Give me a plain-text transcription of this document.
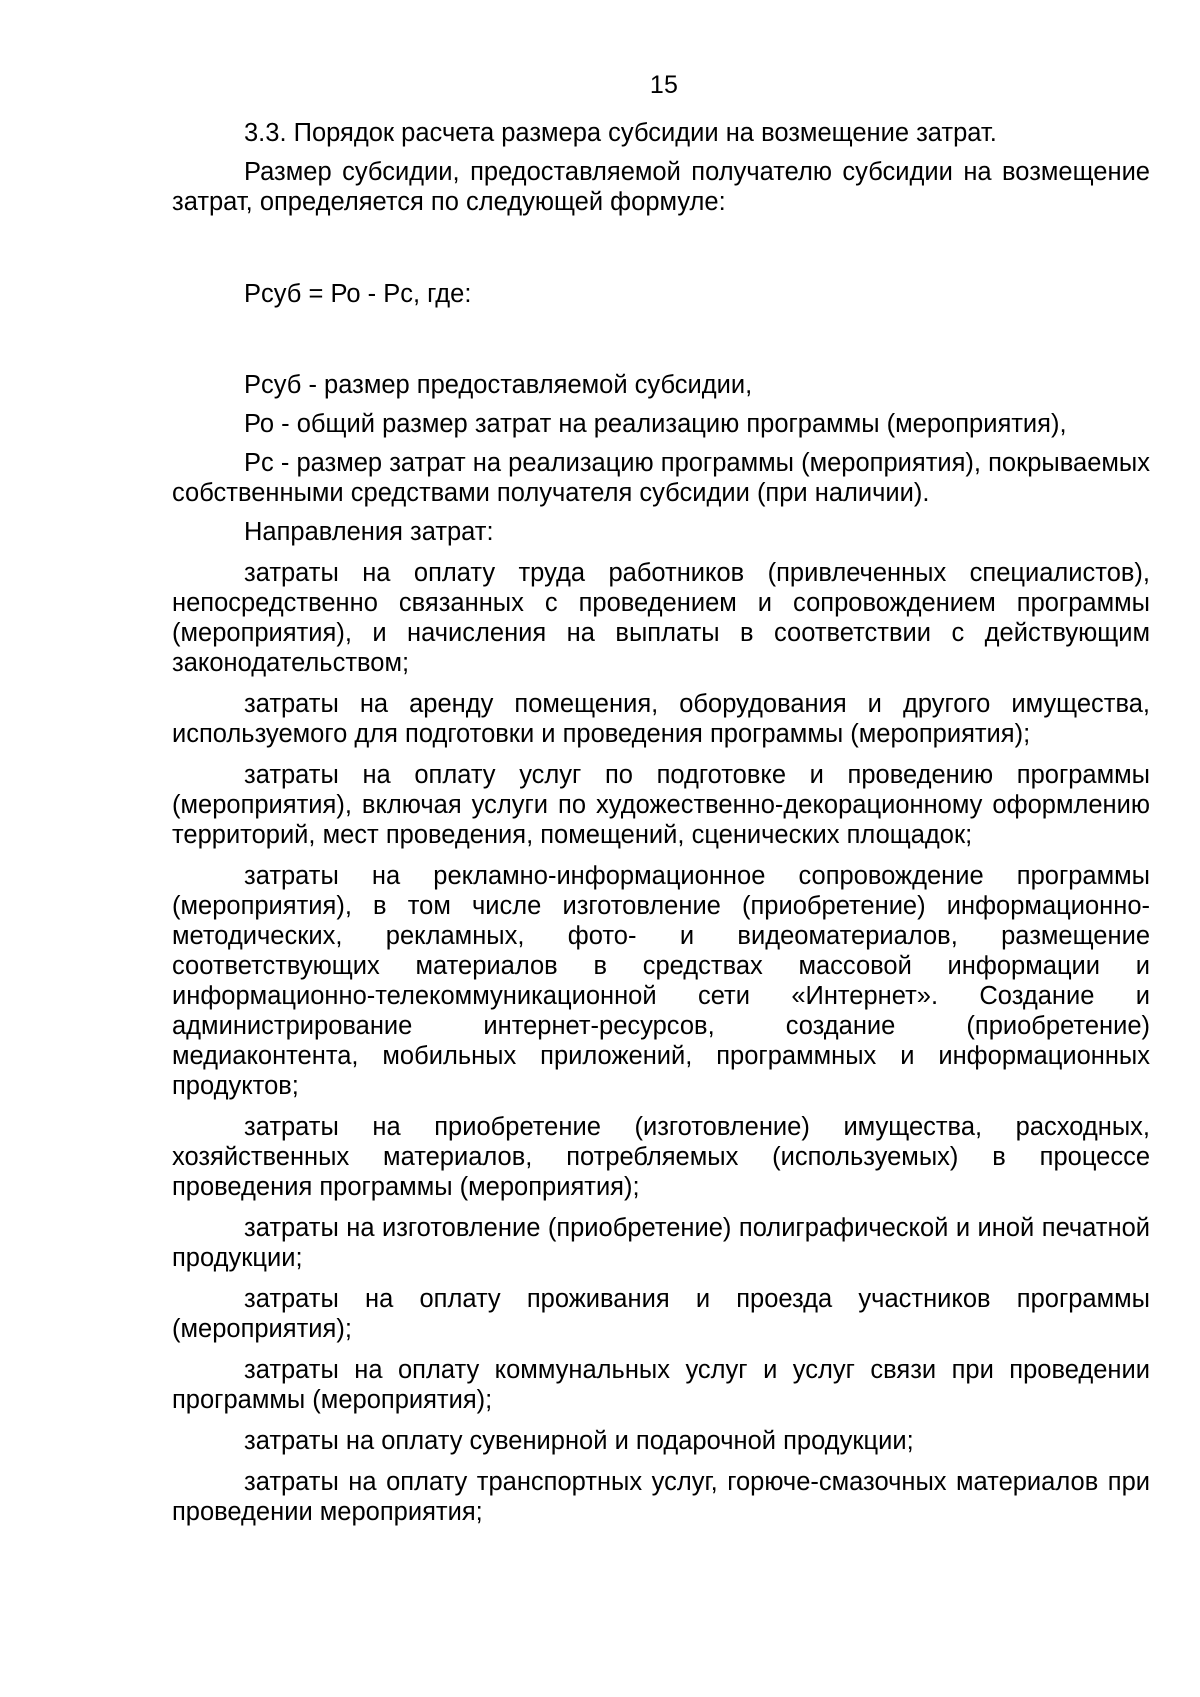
15

3.3. Порядок расчета размера субсидии на возмещение затрат.

Размер субсидии, предоставляемой получателю субсидии на возмещение затрат, определяется по следующей формуле:

Рсуб = Ро - Рс, где:

Рсуб - размер предоставляемой субсидии,

Ро - общий размер затрат на реализацию программы (мероприятия),

Рс - размер затрат на реализацию программы (мероприятия), покрываемых собственными средствами получателя субсидии (при наличии).

Направления затрат:

затраты на оплату труда работников (привлеченных специалистов), непосредственно связанных с проведением и сопровождением программы (мероприятия), и начисления на выплаты в соответствии с действующим законодательством;

затраты на аренду помещения, оборудования и другого имущества, используемого для подготовки и проведения программы (мероприятия);

затраты на оплату услуг по подготовке и проведению программы (мероприятия), включая услуги по художественно-декорационному оформлению территорий, мест проведения, помещений, сценических площадок;

затраты на рекламно-информационное сопровождение программы (мероприятия), в том числе изготовление (приобретение) информационно-методических, рекламных, фото- и видеоматериалов, размещение соответствующих материалов в средствах массовой информации и информационно-телекоммуникационной сети «Интернет». Создание и администрирование интернет-ресурсов, создание (приобретение) медиаконтента, мобильных приложений, программных и информационных продуктов;

затраты на приобретение (изготовление) имущества, расходных, хозяйственных материалов, потребляемых (используемых) в процессе проведения программы (мероприятия);

затраты на изготовление (приобретение) полиграфической и иной печатной продукции;

затраты на оплату проживания и проезда участников программы (мероприятия);

затраты на оплату коммунальных услуг и услуг связи при проведении программы (мероприятия);

затраты на оплату сувенирной и подарочной продукции;

затраты на оплату транспортных услуг, горюче-смазочных материалов при проведении мероприятия;
